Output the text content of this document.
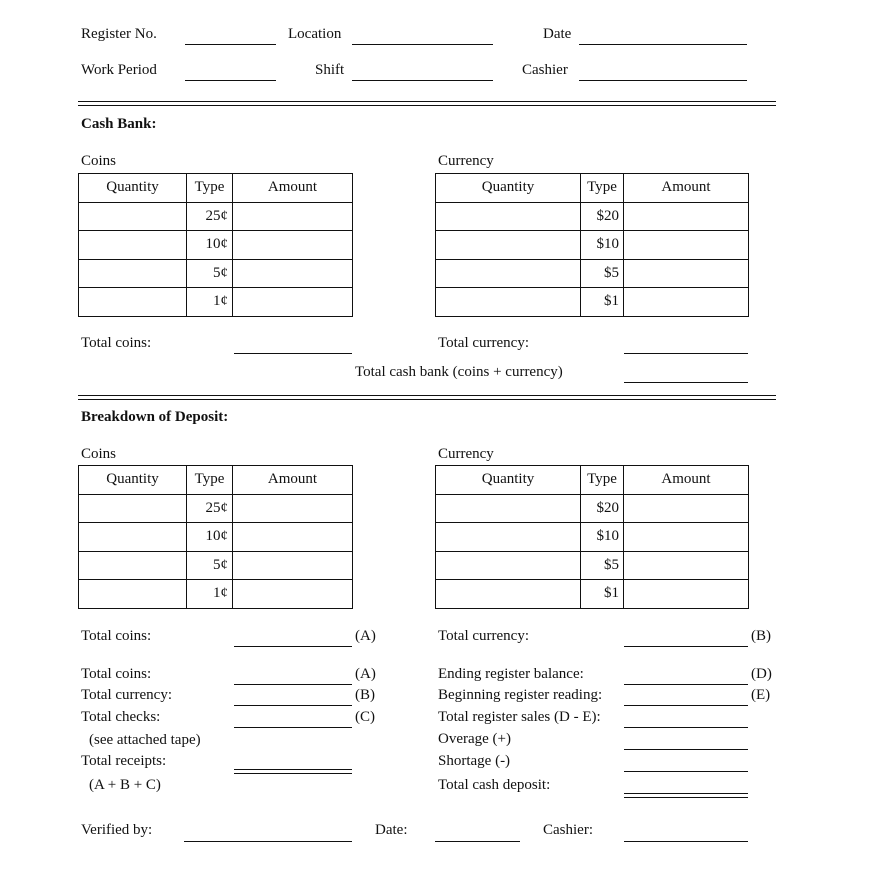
Register No.	Location	Date
Work Period	Shift	Cashier
Cash Bank:
Coins	Currency
Quantity	Type	Amount
	25¢	
	10¢	
	5¢	
	1¢	
Quantity	Type	Amount
	$20	
	$10	
	$5	
	$1	
Total coins:	Total currency:
Total cash bank (coins + currency)
Breakdown of Deposit:
Coins	Currency
Quantity	Type	Amount
	25¢	
	10¢	
	5¢	
	1¢	
Quantity	Type	Amount
	$20	
	$10	
	$5	
	$1	
Total coins:	(A)	Total currency:	(B)
Total coins:	(A)
Total currency:	(B)
Total checks:	(C)
(see attached tape)
Total receipts:
(A + B + C)
Ending register balance:	(D)
Beginning register reading:	(E)
Total register sales (D - E):
Overage (+)
Shortage (-)
Total cash deposit:
Verified by:	Date:	Cashier:
